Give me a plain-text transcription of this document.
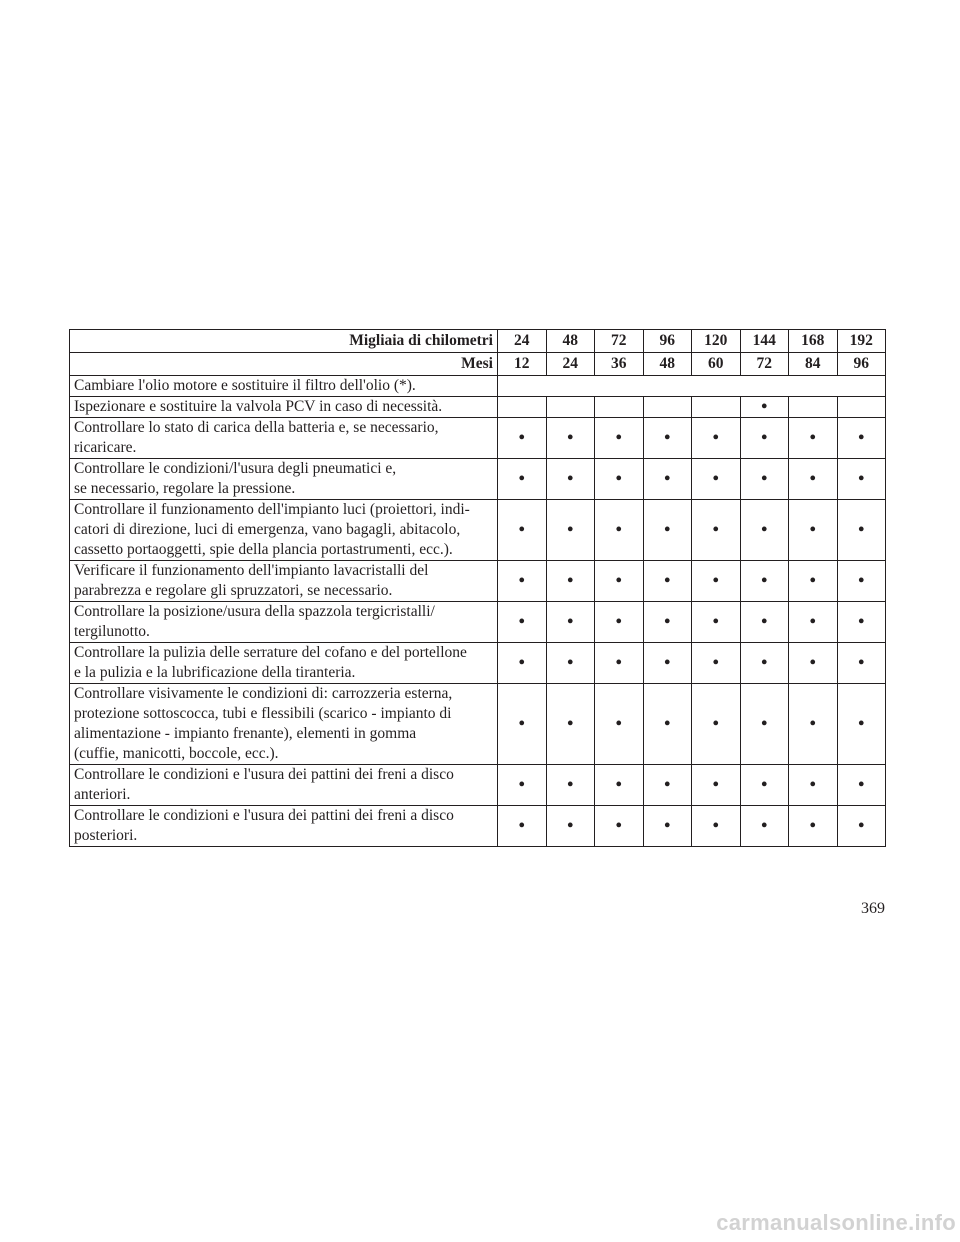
Migliaia di chilometri	24	48	72	96	120	144	168	192
Mesi	12	24	36	48	60	72	84	96
Cambiare l'olio motore e sostituire il filtro dell'olio (*).								
Ispezionare e sostituire la valvola PCV in caso di necessità.						•		
Controllare lo stato di carica della batteria e, se necessario,
ricaricare.	•	•	•	•	•	•	•	•
Controllare le condizioni/l'usura degli pneumatici e,
se necessario, regolare la pressione.	•	•	•	•	•	•	•	•
Controllare il funzionamento dell'impianto luci (proiettori, indi-
catori di direzione, luci di emergenza, vano bagagli, abitacolo,
cassetto portaoggetti, spie della plancia portastrumenti, ecc.).	•	•	•	•	•	•	•	•
Verificare il funzionamento dell'impianto lavacristalli del
parabrezza e regolare gli spruzzatori, se necessario.	•	•	•	•	•	•	•	•
Controllare la posizione/usura della spazzola tergicristalli/
tergilunotto.	•	•	•	•	•	•	•	•
Controllare la pulizia delle serrature del cofano e del portellone
e la pulizia e la lubrificazione della tiranteria.	•	•	•	•	•	•	•	•
Controllare visivamente le condizioni di: carrozzeria esterna,
protezione sottoscocca, tubi e flessibili (scarico - impianto di
alimentazione - impianto frenante), elementi in gomma
(cuffie, manicotti, boccole, ecc.).	•	•	•	•	•	•	•	•
Controllare le condizioni e l'usura dei pattini dei freni a disco
anteriori.	•	•	•	•	•	•	•	•
Controllare le condizioni e l'usura dei pattini dei freni a disco
posteriori.	•	•	•	•	•	•	•	•
369
carmanualsonline.info
